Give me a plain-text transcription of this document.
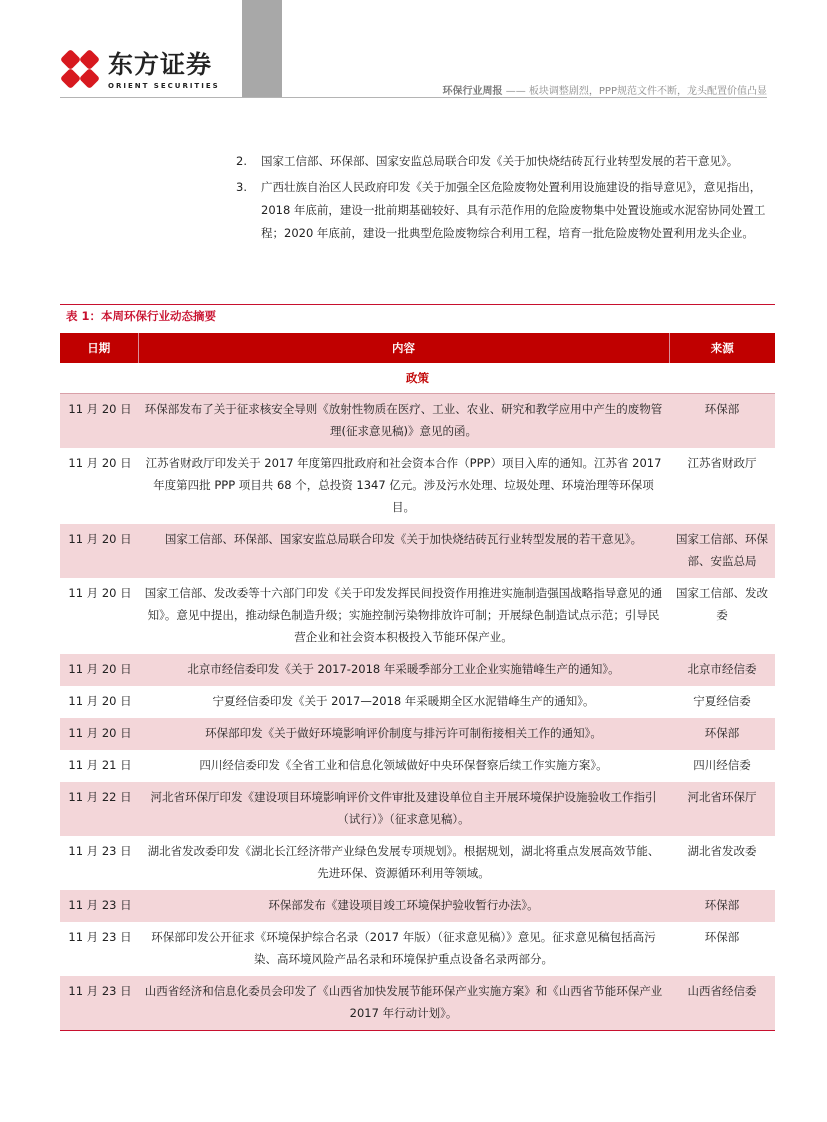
东方证券
ORIENT SECURITIES	环保行业周报 —— 板块调整剧烈，PPP规范文件不断，龙头配置价值凸显
2. 国家工信部、环保部、国家安监总局联合印发《关于加快烧结砖瓦行业转型发展的若干意见》。
3. 广西壮族自治区人民政府印发《关于加强全区危险废物处置利用设施建设的指导意见》，意见指出，2018 年底前，建设一批前期基础较好、具有示范作用的危险废物集中处置设施或水泥窑协同处置工程；2020 年底前，建设一批典型危险废物综合利用工程，培育一批危险废物处置利用龙头企业。
表 1：本周环保行业动态摘要
日期	内容	来源
政策		
11 月 20 日	环保部发布了关于征求核安全导则《放射性物质在医疗、工业、农业、研究和教学应用中产生的废物管理(征求意见稿)》意见的函。	环保部
11 月 20 日	江苏省财政厅印发关于 2017 年度第四批政府和社会资本合作（PPP）项目入库的通知。江苏省 2017 年度第四批 PPP 项目共 68 个，总投资 1347 亿元。涉及污水处理、垃圾处理、环境治理等环保项目。	江苏省财政厅
11 月 20 日	国家工信部、环保部、国家安监总局联合印发《关于加快烧结砖瓦行业转型发展的若干意见》。	国家工信部、环保部、安监总局
11 月 20 日	国家工信部、发改委等十六部门印发《关于印发发挥民间投资作用推进实施制造强国战略指导意见的通知》。意见中提出，推动绿色制造升级；实施控制污染物排放许可制；开展绿色制造试点示范；引导民营企业和社会资本积极投入节能环保产业。	国家工信部、发改委
11 月 20 日	北京市经信委印发《关于 2017-2018 年采暖季部分工业企业实施错峰生产的通知》。	北京市经信委
11 月 20 日	宁夏经信委印发《关于 2017—2018 年采暖期全区水泥错峰生产的通知》。	宁夏经信委
11 月 20 日	环保部印发《关于做好环境影响评价制度与排污许可制衔接相关工作的通知》。	环保部
11 月 21 日	四川经信委印发《全省工业和信息化领域做好中央环保督察后续工作实施方案》。	四川经信委
11 月 22 日	河北省环保厅印发《建设项目环境影响评价文件审批及建设单位自主开展环境保护设施验收工作指引（试行）》（征求意见稿）。	河北省环保厅
11 月 23 日	湖北省发改委印发《湖北长江经济带产业绿色发展专项规划》。根据规划，湖北将重点发展高效节能、先进环保、资源循环利用等领域。	湖北省发改委
11 月 23 日	环保部发布《建设项目竣工环境保护验收暂行办法》。	环保部
11 月 23 日	环保部印发公开征求《环境保护综合名录（2017 年版）（征求意见稿）》意见。征求意见稿包括高污染、高环境风险产品名录和环境保护重点设备名录两部分。	环保部
11 月 23 日	山西省经济和信息化委员会印发了《山西省加快发展节能环保产业实施方案》和《山西省节能环保产业 2017 年行动计划》。	山西省经信委
